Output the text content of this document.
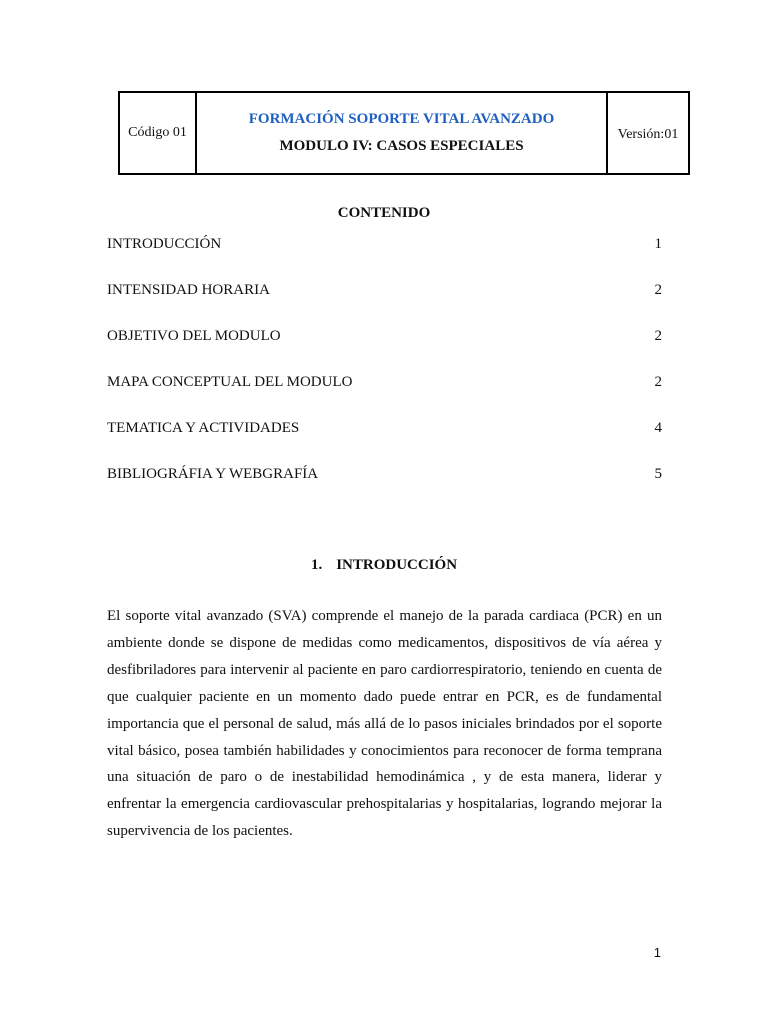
Código 01
FORMACIÓN SOPORTE VITAL AVANZADO
MODULO IV: CASOS ESPECIALES
Versión:01
CONTENIDO
INTRODUCCIÓN	1
INTENSIDAD HORARIA	2
OBJETIVO DEL MODULO	2
MAPA CONCEPTUAL DEL MODULO	2
TEMATICA Y ACTIVIDADES	4
BIBLIOGRÁFIA Y WEBGRAFÍA	5
1. INTRODUCCIÓN

El soporte vital avanzado (SVA) comprende el manejo de la parada cardiaca (PCR) en un ambiente donde se dispone de medidas como medicamentos, dispositivos de vía aérea y desfibriladores para intervenir al paciente en paro cardiorrespiratorio, teniendo en cuenta de que cualquier paciente en un momento dado puede entrar en PCR, es de fundamental importancia que el personal de salud, más allá de lo pasos iniciales brindados por el soporte vital básico, posea también habilidades y conocimientos para reconocer de forma temprana una situación de paro o de inestabilidad hemodinámica , y de esta manera, liderar y enfrentar la emergencia cardiovascular prehospitalarias y hospitalarias, logrando mejorar la supervivencia de los pacientes.

1
